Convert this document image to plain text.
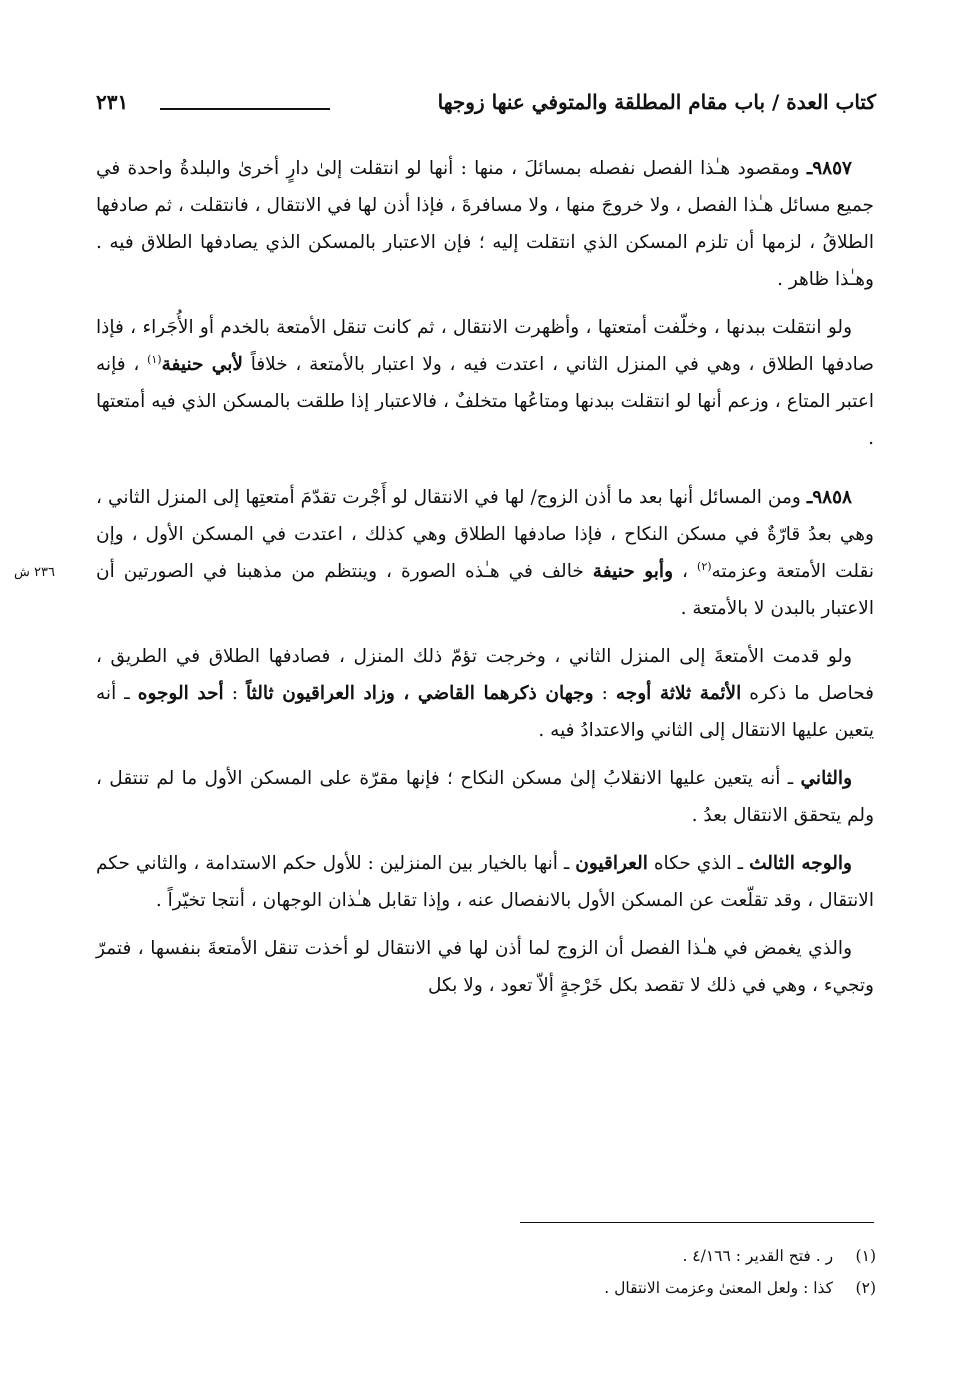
كتاب العدة / باب مقام المطلقة والمتوفي عنها زوجها
٢٣١
٢٣٦ ش

٩٨٥٧ـ ومقصود هـٰذا الفصل نفصله بمسائلَ ، منها : أنها لو انتقلت إلىٰ دارٍ أخرىٰ والبلدةُ واحدة في جميع مسائل هـٰذا الفصل ، ولا خروجَ منها ، ولا مسافرةَ ، فإذا أذن لها في الانتقال ، فانتقلت ، ثم صادفها الطلاقُ ، لزمها أن تلزم المسكن الذي انتقلت إليه ؛ فإن الاعتبار بالمسكن الذي يصادفها الطلاق فيه . وهـٰذا ظاهر .

ولو انتقلت ببدنها ، وخلّفت أمتعتها ، وأظهرت الانتقال ، ثم كانت تنقل الأمتعة بالخدم أو الأُجَراء ، فإذا صادفها الطلاق ، وهي في المنزل الثاني ، اعتدت فيه ، ولا اعتبار بالأمتعة ، خلافاً لأبي حنيفة$^{(١)}$ ، فإنه اعتبر المتاع ، وزعم أنها لو انتقلت ببدنها ومتاعُها متخلفٌ ، فالاعتبار إذا طلقت بالمسكن الذي فيه أمتعتها .

٩٨٥٨ـ ومن المسائل أنها بعد ما أذن الزوج/ لها في الانتقال لو أَجْرت تقدّمَ أمتعتِها إلى المنزل الثاني ، وهي بعدُ قارّةٌ في مسكن النكاح ، فإذا صادفها الطلاق وهي كذلك ، اعتدت في المسكن الأول ، وإن نقلت الأمتعة وعزمته$^{(٢)}$ ، وأبو حنيفة خالف في هـٰذه الصورة ، وينتظم من مذهبنا في الصورتين أن الاعتبار بالبدن لا بالأمتعة .

ولو قدمت الأمتعةَ إلى المنزل الثاني ، وخرجت تؤمّ ذلك المنزل ، فصادفها الطلاق في الطريق ، فحاصل ما ذكره الأئمة ثلاثة أوجه : وجهان ذكرهما القاضي ، وزاد العراقيون ثالثاً : أحد الوجوه ـ أنه يتعين عليها الانتقال إلى الثاني والاعتدادُ فيه .

والثاني ـ أنه يتعين عليها الانقلابُ إلىٰ مسكن النكاح ؛ فإنها مقرّة على المسكن الأول ما لم تنتقل ، ولم يتحقق الانتقال بعدُ .

والوجه الثالث ـ الذي حكاه العراقيون ـ أنها بالخيار بين المنزلين : للأول حكم الاستدامة ، والثاني حكم الانتقال ، وقد تقلّعت عن المسكن الأول بالانفصال عنه ، وإذا تقابل هـٰذان الوجهان ، أنتجا تخيّراً .

والذي يغمض في هـٰذا الفصل أن الزوج لما أذن لها في الانتقال لو أخذت تنقل الأمتعةَ بنفسها ، فتمرّ وتجيء ، وهي في ذلك لا تقصد بكل خَرْجةٍ ألاّ تعود ، ولا بكل

(١) ر . فتح القدير : ٤/١٦٦ .
(٢) كذا : ولعل المعنىٰ وعزمت الانتقال .
